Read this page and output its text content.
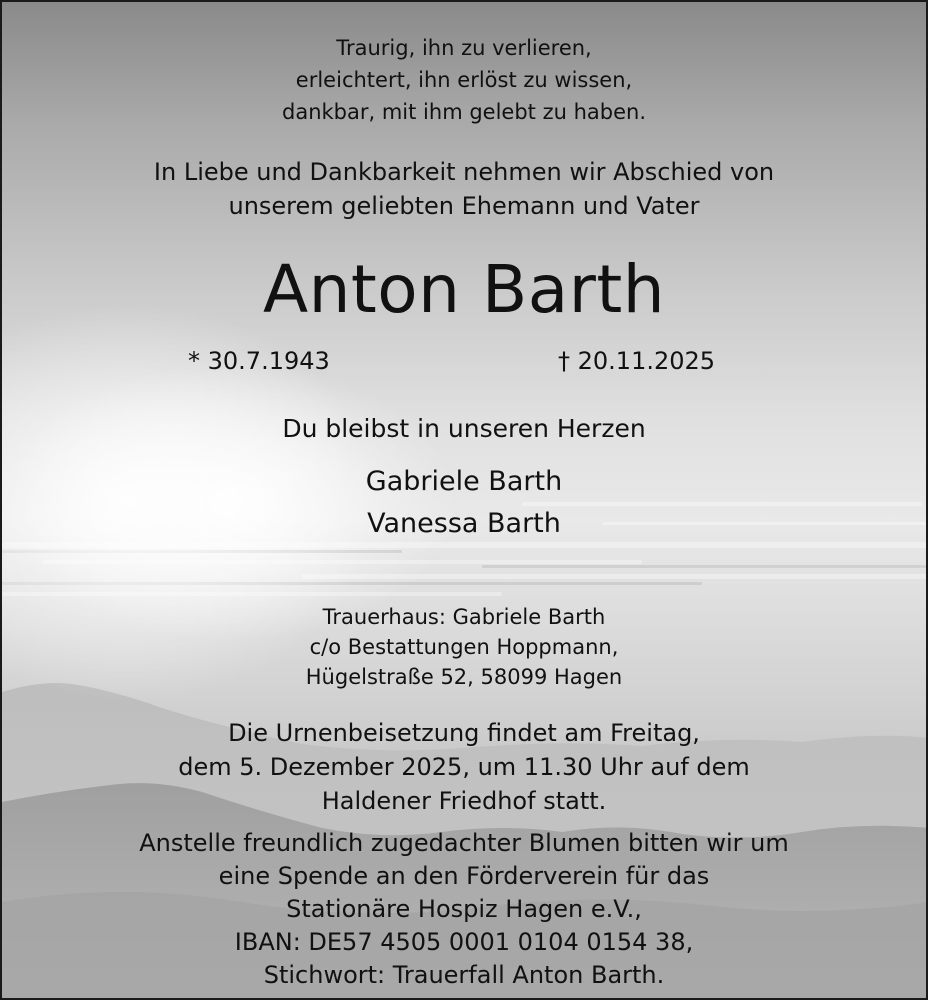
Traurig, ihn zu verlieren,
erleichtert, ihn erlöst zu wissen,
dankbar, mit ihm gelebt zu haben.
In Liebe und Dankbarkeit nehmen wir Abschied von
unserem geliebten Ehemann und Vater
Anton Barth
* 30.7.1943	† 20.11.2025
Du bleibst in unseren Herzen
Gabriele Barth
Vanessa Barth
Trauerhaus: Gabriele Barth
c/o Bestattungen Hoppmann,
Hügelstraße 52, 58099 Hagen
Die Urnenbeisetzung findet am Freitag,
dem 5. Dezember 2025, um 11.30 Uhr auf dem
Haldener Friedhof statt.
Anstelle freundlich zugedachter Blumen bitten wir um
eine Spende an den Förderverein für das
Stationäre Hospiz Hagen e.V.,
IBAN: DE57 4505 0001 0104 0154 38,
Stichwort: Trauerfall Anton Barth.
